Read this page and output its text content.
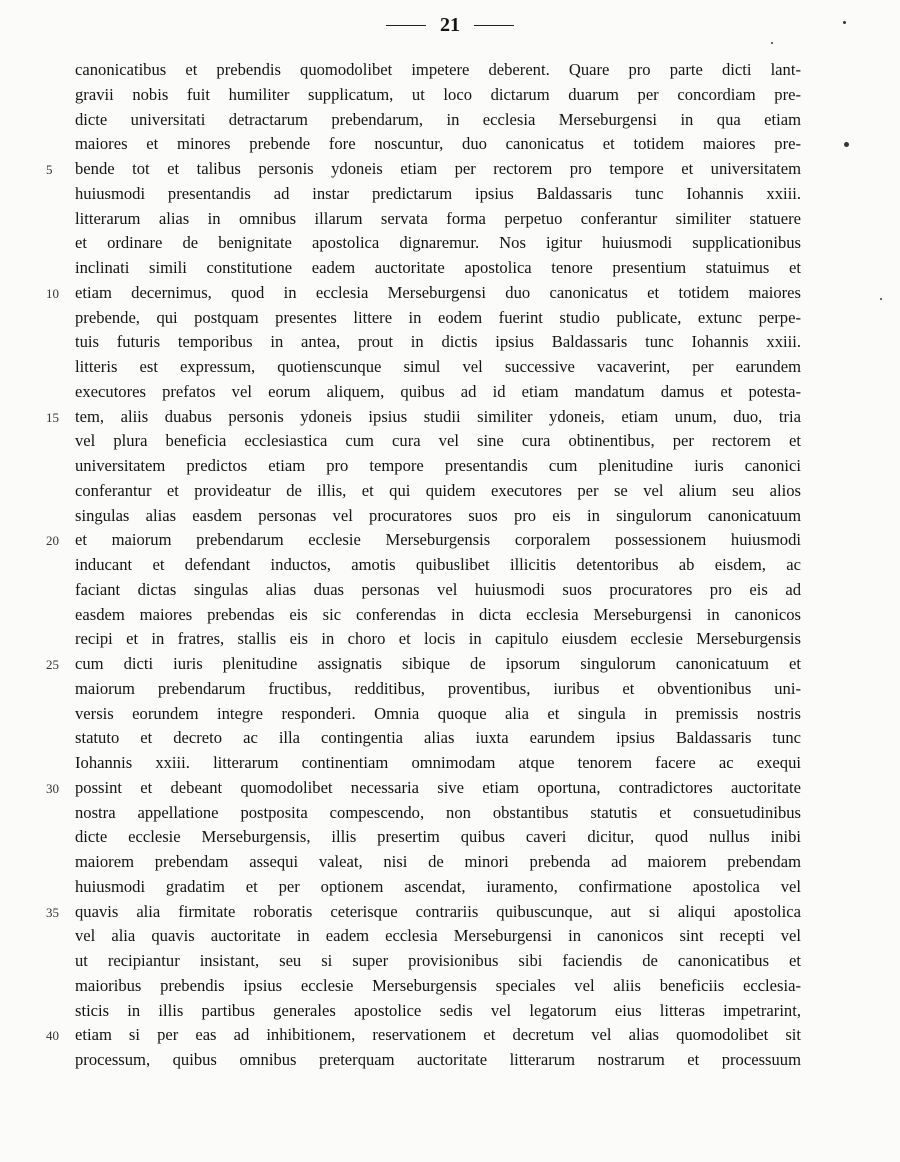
21
canonicatibus et prebendis quomodolibet impetere deberent. Quare pro parte dicti lant-
gravii nobis fuit humiliter supplicatum, ut loco dictarum duarum per concordiam pre-
dicte universitati detractarum prebendarum, in ecclesia Merseburgensi in qua etiam
maiores et minores prebende fore noscuntur, duo canonicatus et totidem maiores pre-
5 bende tot et talibus personis ydoneis etiam per rectorem pro tempore et universitatem
huiusmodi presentandis ad instar predictarum ipsius Baldassaris tunc Iohannis xxiii.
litterarum alias in omnibus illarum servata forma perpetuo conferantur similiter statuere
et ordinare de benignitate apostolica dignaremur. Nos igitur huiusmodi supplicationibus
inclinati simili constitutione eadem auctoritate apostolica tenore presentium statuimus et
10 etiam decernimus, quod in ecclesia Merseburgensi duo canonicatus et totidem maiores
prebende, qui postquam presentes littere in eodem fuerint studio publicate, extunc perpe-
tuis futuris temporibus in antea, prout in dictis ipsius Baldassaris tunc Iohannis xxiii.
litteris est expressum, quotienscunque simul vel successive vacaverint, per earundem
executores prefatos vel eorum aliquem, quibus ad id etiam mandatum damus et potesta-
15 tem, aliis duabus personis ydoneis ipsius studii similiter ydoneis, etiam unum, duo, tria
vel plura beneficia ecclesiastica cum cura vel sine cura obtinentibus, per rectorem et
universitatem predictos etiam pro tempore presentandis cum plenitudine iuris canonici
conferantur et provideatur de illis, et qui quidem executores per se vel alium seu alios
singulas alias easdem personas vel procuratores suos pro eis in singulorum canonicatuum
20 et maiorum prebendarum ecclesie Merseburgensis corporalem possessionem huiusmodi
inducant et defendant inductos, amotis quibuslibet illicitis detentoribus ab eisdem, ac
faciant dictas singulas alias duas personas vel huiusmodi suos procuratores pro eis ad
easdem maiores prebendas eis sic conferendas in dicta ecclesia Merseburgensi in canonicos
recipi et in fratres, stallis eis in choro et locis in capitulo eiusdem ecclesie Merseburgensis
25 cum dicti iuris plenitudine assignatis sibique de ipsorum singulorum canonicatuum et
maiorum prebendarum fructibus, redditibus, proventibus, iuribus et obventionibus uni-
versis eorundem integre responderi. Omnia quoque alia et singula in premissis nostris
statuto et decreto ac illa contingentia alias iuxta earundem ipsius Baldassaris tunc
Iohannis xxiii. litterarum continentiam omnimodam atque tenorem facere ac exequi
30 possint et debeant quomodolibet necessaria sive etiam oportuna, contradictores auctoritate
nostra appellatione postposita compescendo, non obstantibus statutis et consuetudinibus
dicte ecclesie Merseburgensis, illis presertim quibus caveri dicitur, quod nullus inibi
maiorem prebendam assequi valeat, nisi de minori prebenda ad maiorem prebendam
huiusmodi gradatim et per optionem ascendat, iuramento, confirmatione apostolica vel
35 quavis alia firmitate roboratis ceterisque contrariis quibuscunque, aut si aliqui apostolica
vel alia quavis auctoritate in eadem ecclesia Merseburgensi in canonicos sint recepti vel
ut recipiantur insistant, seu si super provisionibus sibi faciendis de canonicatibus et
maioribus prebendis ipsius ecclesie Merseburgensis speciales vel aliis beneficiis ecclesia-
sticis in illis partibus generales apostolice sedis vel legatorum eius litteras impetrarint,
40 etiam si per eas ad inhibitionem, reservationem et decretum vel alias quomodolibet sit
processum, quibus omnibus preterquam auctoritate litterarum nostrarum et processuum
